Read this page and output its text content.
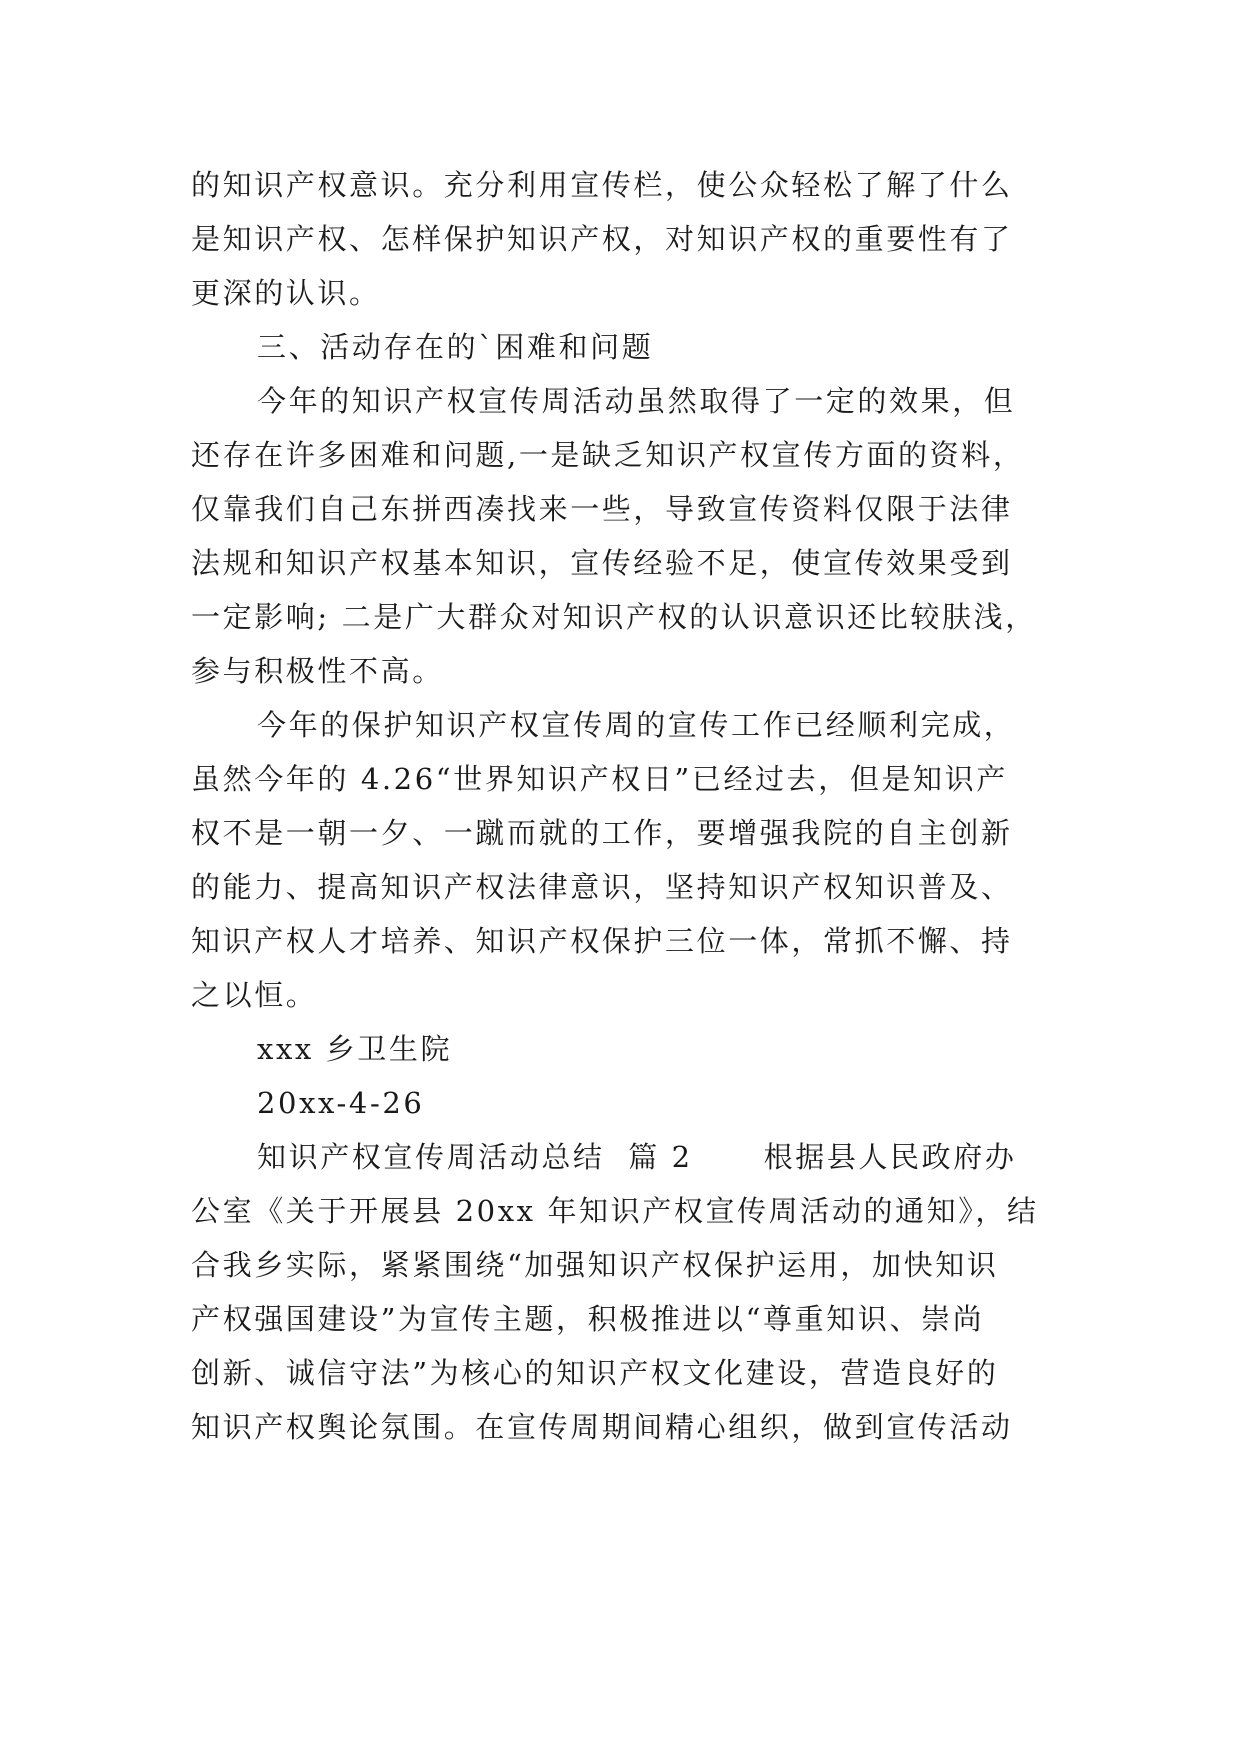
的知识产权意识。充分利用宣传栏，使公众轻松了解了什么
是知识产权、怎样保护知识产权，对知识产权的重要性有了
更深的认识。
三、活动存在的`困难和问题
今年的知识产权宣传周活动虽然取得了一定的效果，但
还存在许多困难和问题,一是缺乏知识产权宣传方面的资料，
仅靠我们自己东拼西凑找来一些，导致宣传资料仅限于法律
法规和知识产权基本知识，宣传经验不足，使宣传效果受到
一定影响; 二是广大群众对知识产权的认识意识还比较肤浅，
参与积极性不高。
今年的保护知识产权宣传周的宣传工作已经顺利完成，
虽然今年的 4.26“世界知识产权日”已经过去，但是知识产
权不是一朝一夕、一蹴而就的工作，要增强我院的自主创新
的能力、提高知识产权法律意识，坚持知识产权知识普及、
知识产权人才培养、知识产权保护三位一体，常抓不懈、持
之以恒。
xxx 乡卫生院
20xx-4-26
知识产权宣传周活动总结  篇 2      根据县人民政府办
公室《关于开展县 20xx 年知识产权宣传周活动的通知》，结
合我乡实际，紧紧围绕“加强知识产权保护运用，加快知识
产权强国建设”为宣传主题，积极推进以“尊重知识、崇尚
创新、诚信守法”为核心的知识产权文化建设，营造良好的
知识产权舆论氛围。在宣传周期间精心组织，做到宣传活动
